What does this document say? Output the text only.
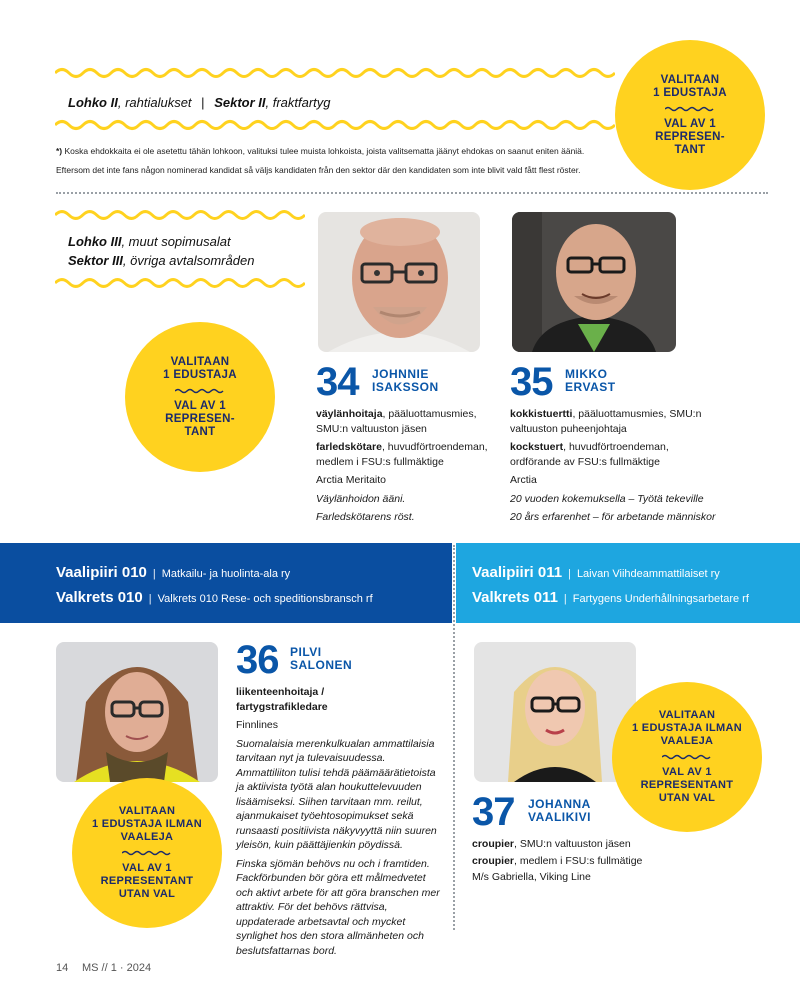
Lohko II, rahtialukset | Sektor II, fraktfartyg
*) Koska ehdokkaita ei ole asetettu tähän lohkoon, valituksi tulee muista lohkoista, joista valitsematta jäänyt ehdokas on saanut eniten ääniä.
Eftersom det inte fans någon nominerad kandidat så väljs kandidaten från den sektor där den kandidaten som inte blivit vald fått flest röster.
VALITAAN
1 EDUSTAJA
VAL AV 1
REPRESEN-
TANT
Lohko III, muut sopimusalat
Sektor III, övriga avtalsområden
VALITAAN
1 EDUSTAJA
VAL AV 1
REPRESEN-
TANT
34 JOHNNIE
ISAKSSON

väylänhoitaja, pääluottamusmies, SMU:n valtuuston jäsen

farledskötare, huvudförtroendeman, medlem i FSU:s fullmäktige

Arctia Meritaito

Väylänhoidon ääni.

Farledskötarens röst.

35 MIKKO
ERVAST

kokkistuertti, pääluottamusmies, SMU:n valtuuston puheenjohtaja

kockstuert, huvudförtroendeman, ordförande av FSU:s fullmäktige

Arctia

20 vuoden kokemuksella – Työtä tekeville

20 års erfarenhet – för arbetande människor

Vaalipiiri 010 | Matkailu- ja huolinta-ala ry
Valkrets 010 | Valkrets 010 Rese- och speditionsbransch rf
Vaalipiiri 011 | Laivan Viihdeammattilaiset ry
Valkrets 011 | Fartygens Underhållningsarbetare rf
36 PILVI
SALONEN

liikenteenhoitaja / fartygstrafikledare

Finnlines

Suomalaisia merenkulkualan ammattilaisia tarvitaan nyt ja tulevaisuudessa. Ammattiliiton tulisi tehdä päämäärätietoista ja aktiivista työtä alan houkuttelevuuden lisäämiseksi. Siihen tarvitaan mm. reilut, ajanmukaiset työehtosopimukset sekä runsaasti positiivista näkyvyyttä niin suuren yleisön, kuin päättäjienkin pöydissä.

Finska sjömän behövs nu och i framtiden. Fackförbunden bör göra ett målmedvetet och aktivt arbete för att göra branschen mer attraktiv. För det behövs rättvisa, uppdaterade arbetsavtal och mycket synlighet hos den stora allmänheten och beslutsfattarnas bord.

VALITAAN
1 EDUSTAJA ILMAN
VAALEJA
VAL AV 1
REPRESENTANT
UTAN VAL
VALITAAN
1 EDUSTAJA ILMAN
VAALEJA
VAL AV 1
REPRESENTANT
UTAN VAL
37 JOHANNA
VAALIKIVI

croupier, SMU:n valtuuston jäsen

croupier, medlem i FSU:s fullmätige

M/s Gabriella, Viking Line

14 MS // 1 · 2024
